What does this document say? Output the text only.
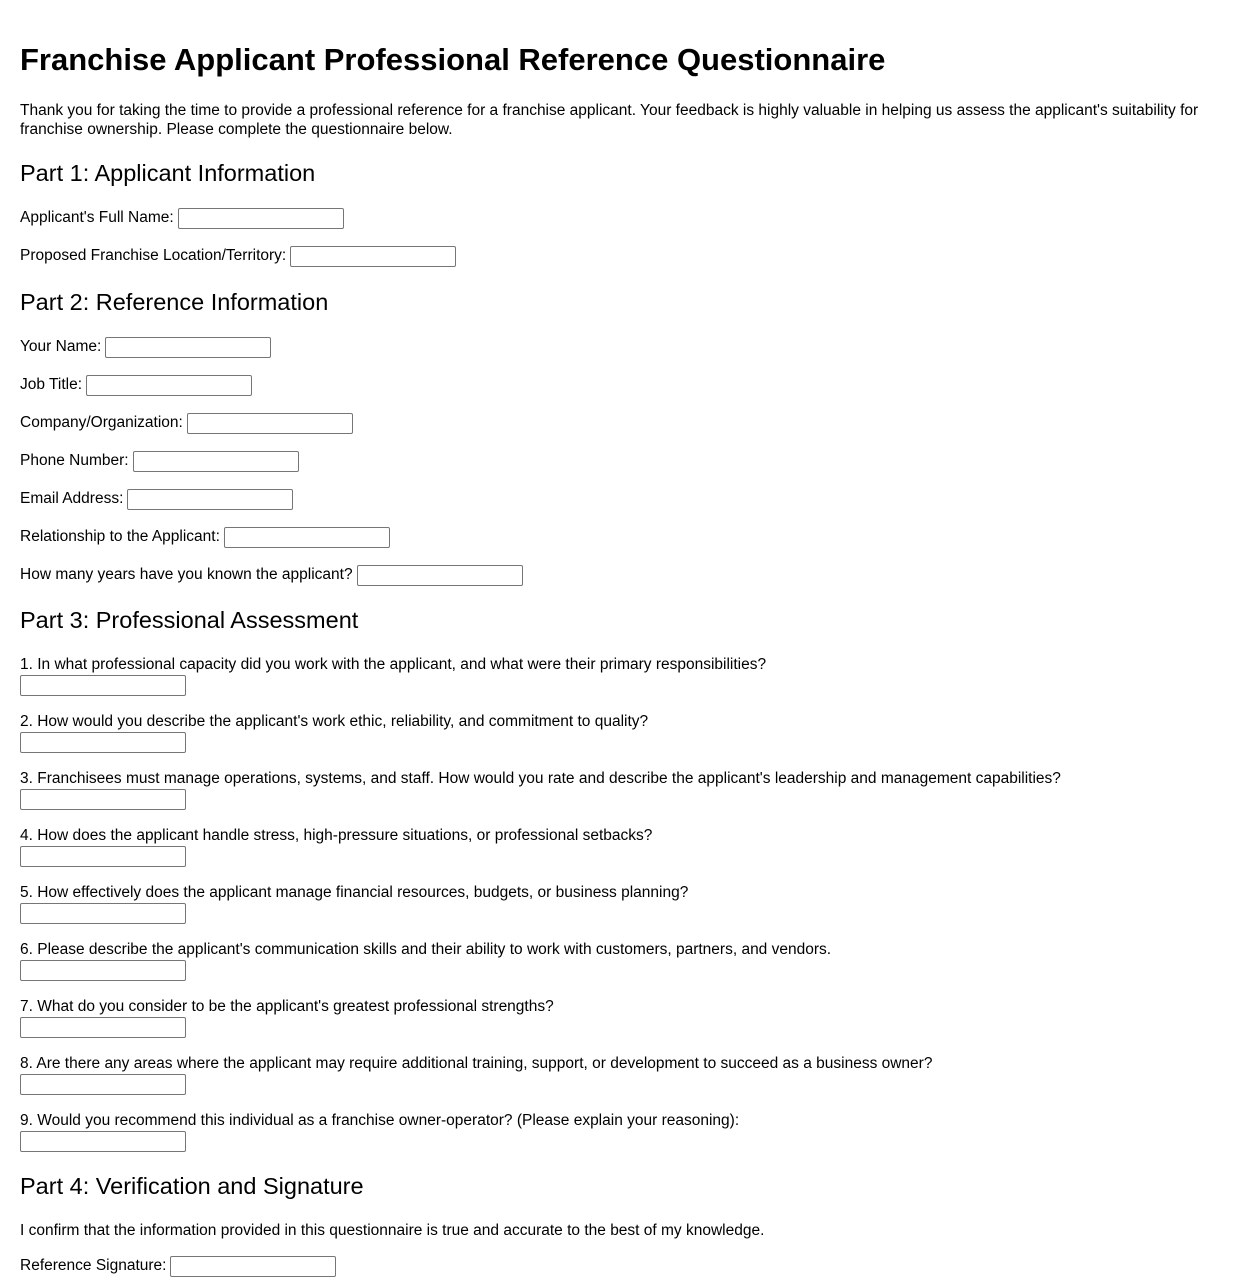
Franchise Applicant Professional Reference Questionnaire

Thank you for taking the time to provide a professional reference for a franchise applicant. Your feedback is highly valuable in helping us assess the applicant's suitability for franchise ownership. Please complete the questionnaire below.

Part 1: Applicant Information
Applicant's Full Name:
Proposed Franchise Location/Territory:
Part 2: Reference Information
Your Name:
Job Title:
Company/Organization:
Phone Number:
Email Address:
Relationship to the Applicant:
How many years have you known the applicant?
Part 3: Professional Assessment
1. In what professional capacity did you work with the applicant, and what were their primary responsibilities?
2. How would you describe the applicant's work ethic, reliability, and commitment to quality?
3. Franchisees must manage operations, systems, and staff. How would you rate and describe the applicant's leadership and management capabilities?
4. How does the applicant handle stress, high-pressure situations, or professional setbacks?
5. How effectively does the applicant manage financial resources, budgets, or business planning?
6. Please describe the applicant's communication skills and their ability to work with customers, partners, and vendors.
7. What do you consider to be the applicant's greatest professional strengths?
8. Are there any areas where the applicant may require additional training, support, or development to succeed as a business owner?
9. Would you recommend this individual as a franchise owner-operator? (Please explain your reasoning):
Part 4: Verification and Signature

I confirm that the information provided in this questionnaire is true and accurate to the best of my knowledge.

Reference Signature:
